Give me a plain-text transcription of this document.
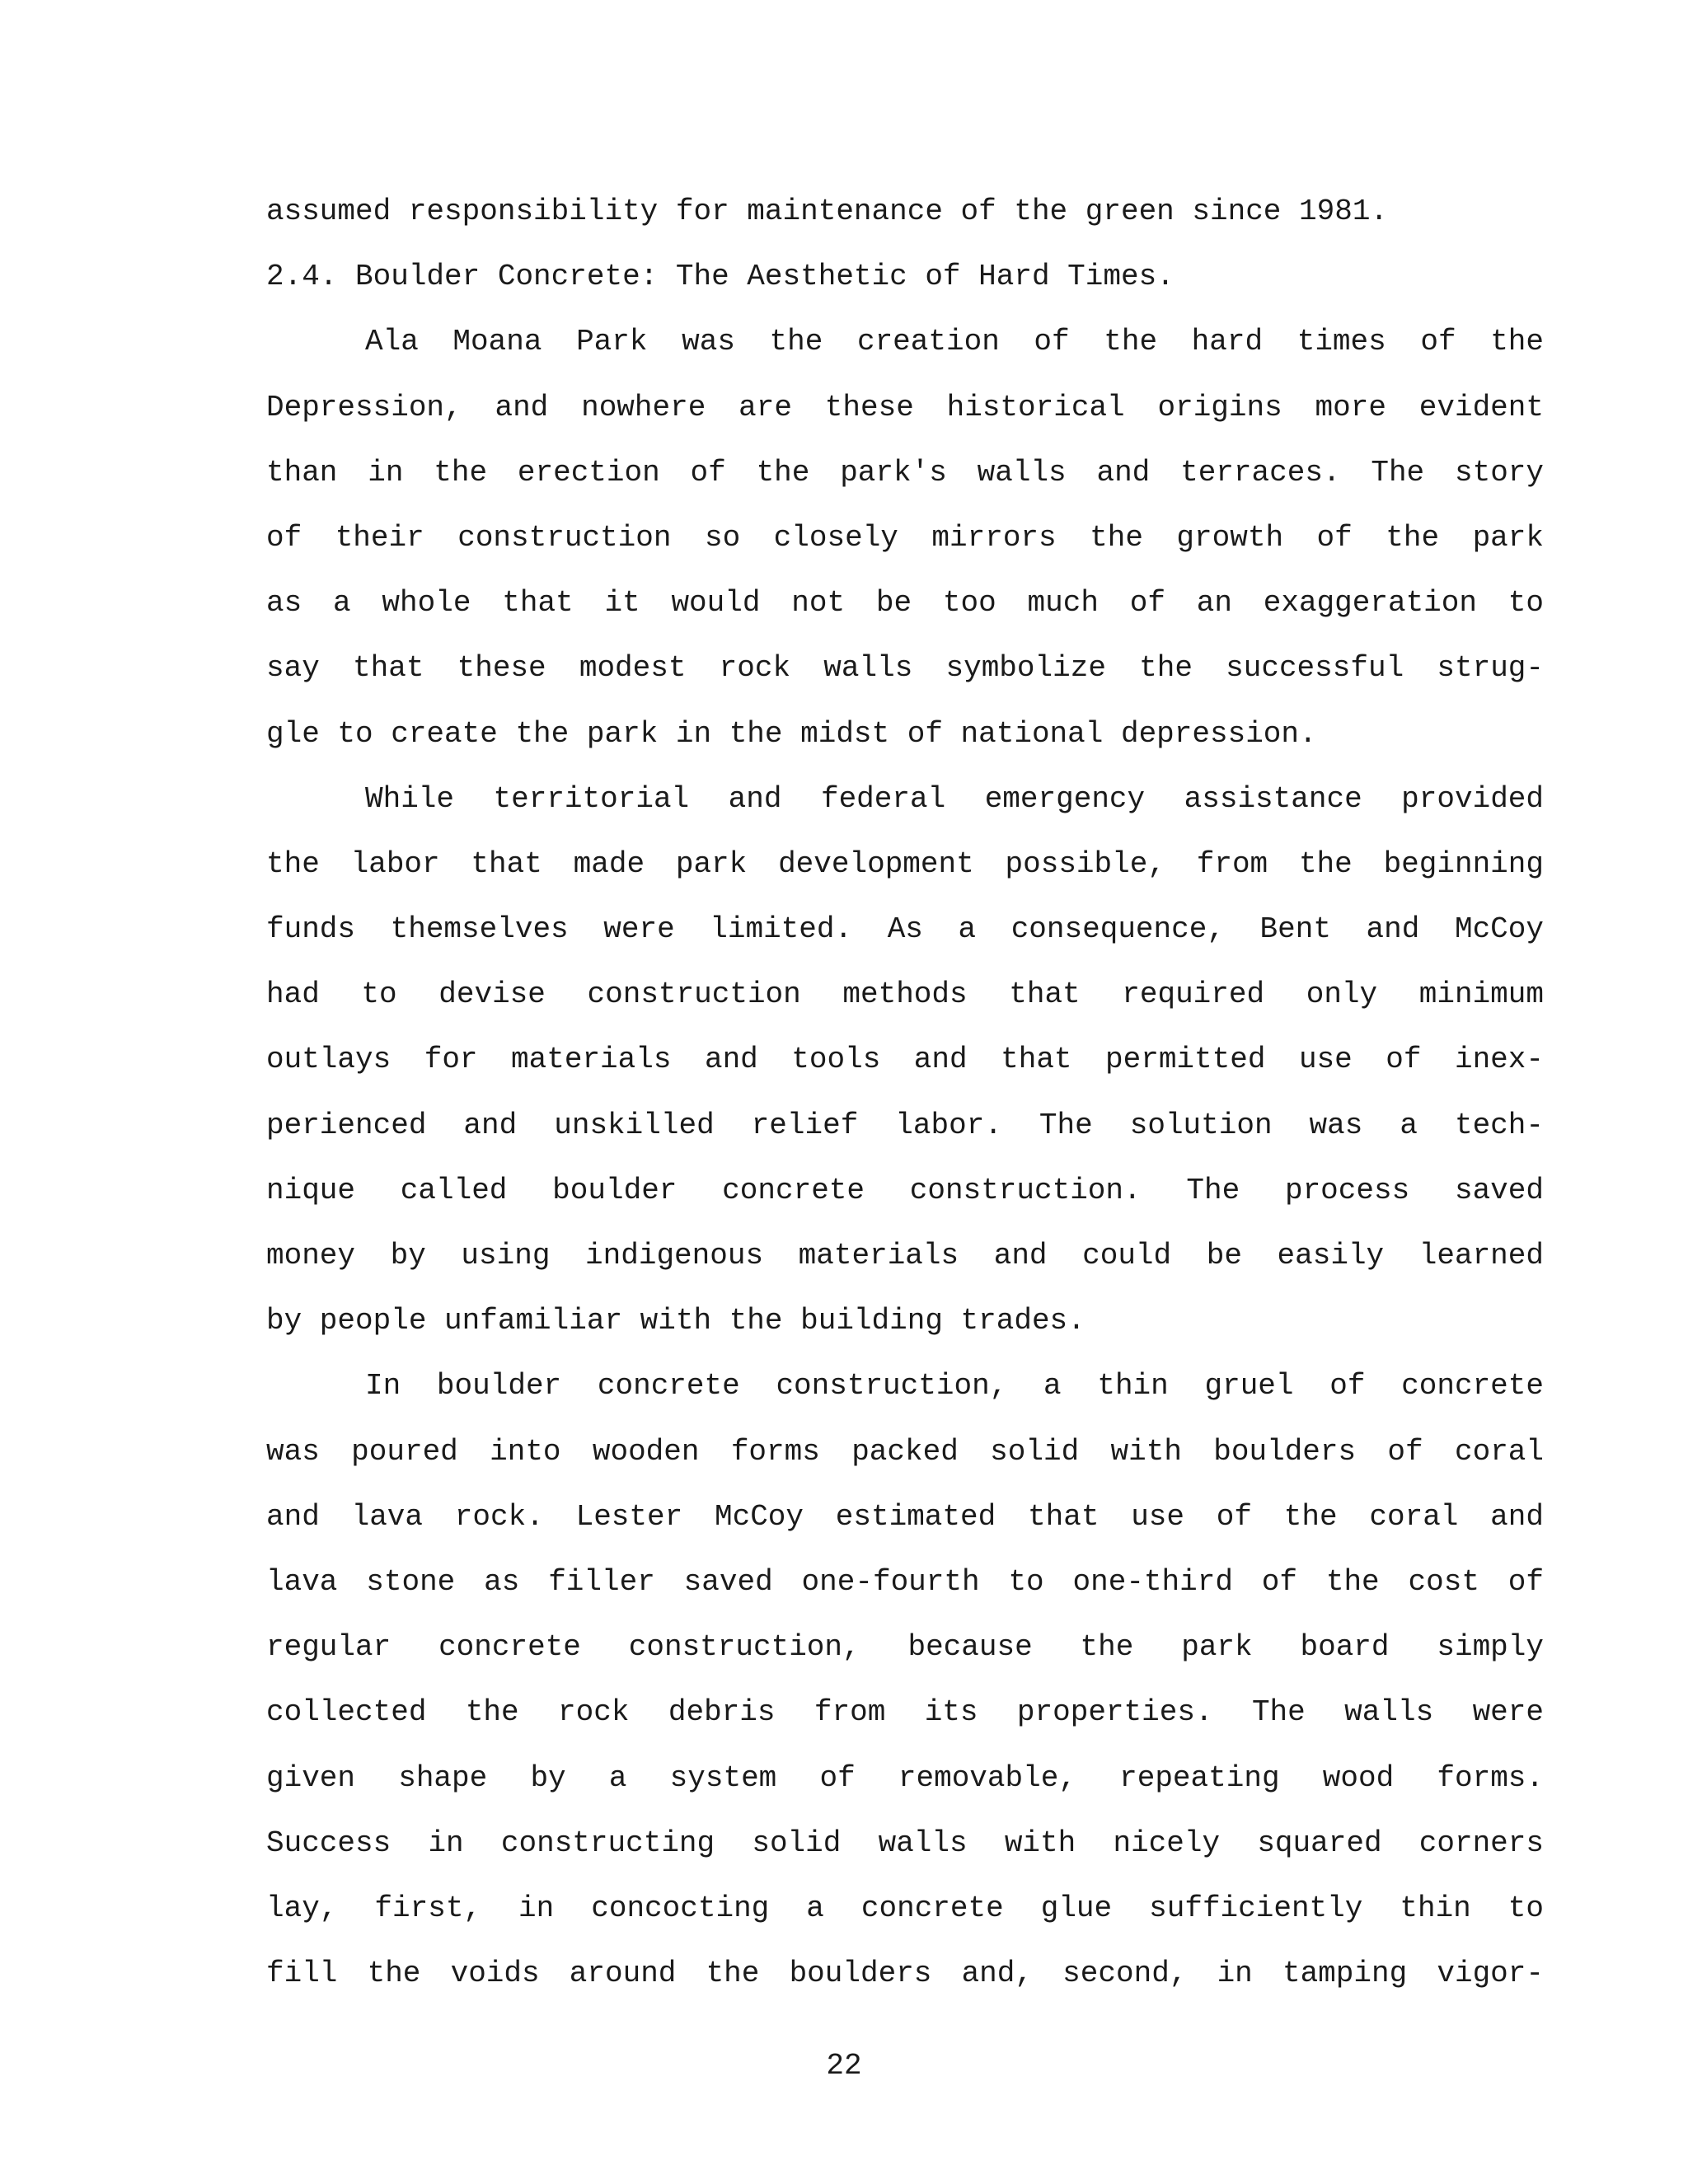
assumed responsibility for maintenance of the green since 1981.
2.4. Boulder Concrete: The Aesthetic of Hard Times.
Ala Moana Park was the creation of the hard times of the
Depression, and nowhere are these historical origins more evident
than in the erection of the park's walls and terraces. The story
of their construction so closely mirrors the growth of the park
as a whole that it would not be too much of an exaggeration to
say that these modest rock walls symbolize the successful strug-
gle to create the park in the midst of national depression.
While territorial and federal emergency assistance provided
the labor that made park development possible, from the beginning
funds themselves were limited. As a consequence, Bent and McCoy
had to devise construction methods that required only minimum
outlays for materials and tools and that permitted use of inex-
perienced and unskilled relief labor. The solution was a tech-
nique called boulder concrete construction. The process saved
money by using indigenous materials and could be easily learned
by people unfamiliar with the building trades.
In boulder concrete construction, a thin gruel of concrete
was poured into wooden forms packed solid with boulders of coral
and lava rock. Lester McCoy estimated that use of the coral and
lava stone as filler saved one-fourth to one-third of the cost of
regular concrete construction, because the park board simply
collected the rock debris from its properties. The walls were
given shape by a system of removable, repeating wood forms.
Success in constructing solid walls with nicely squared corners
lay, first, in concocting a concrete glue sufficiently thin to
fill the voids around the boulders and, second, in tamping vigor-
22
